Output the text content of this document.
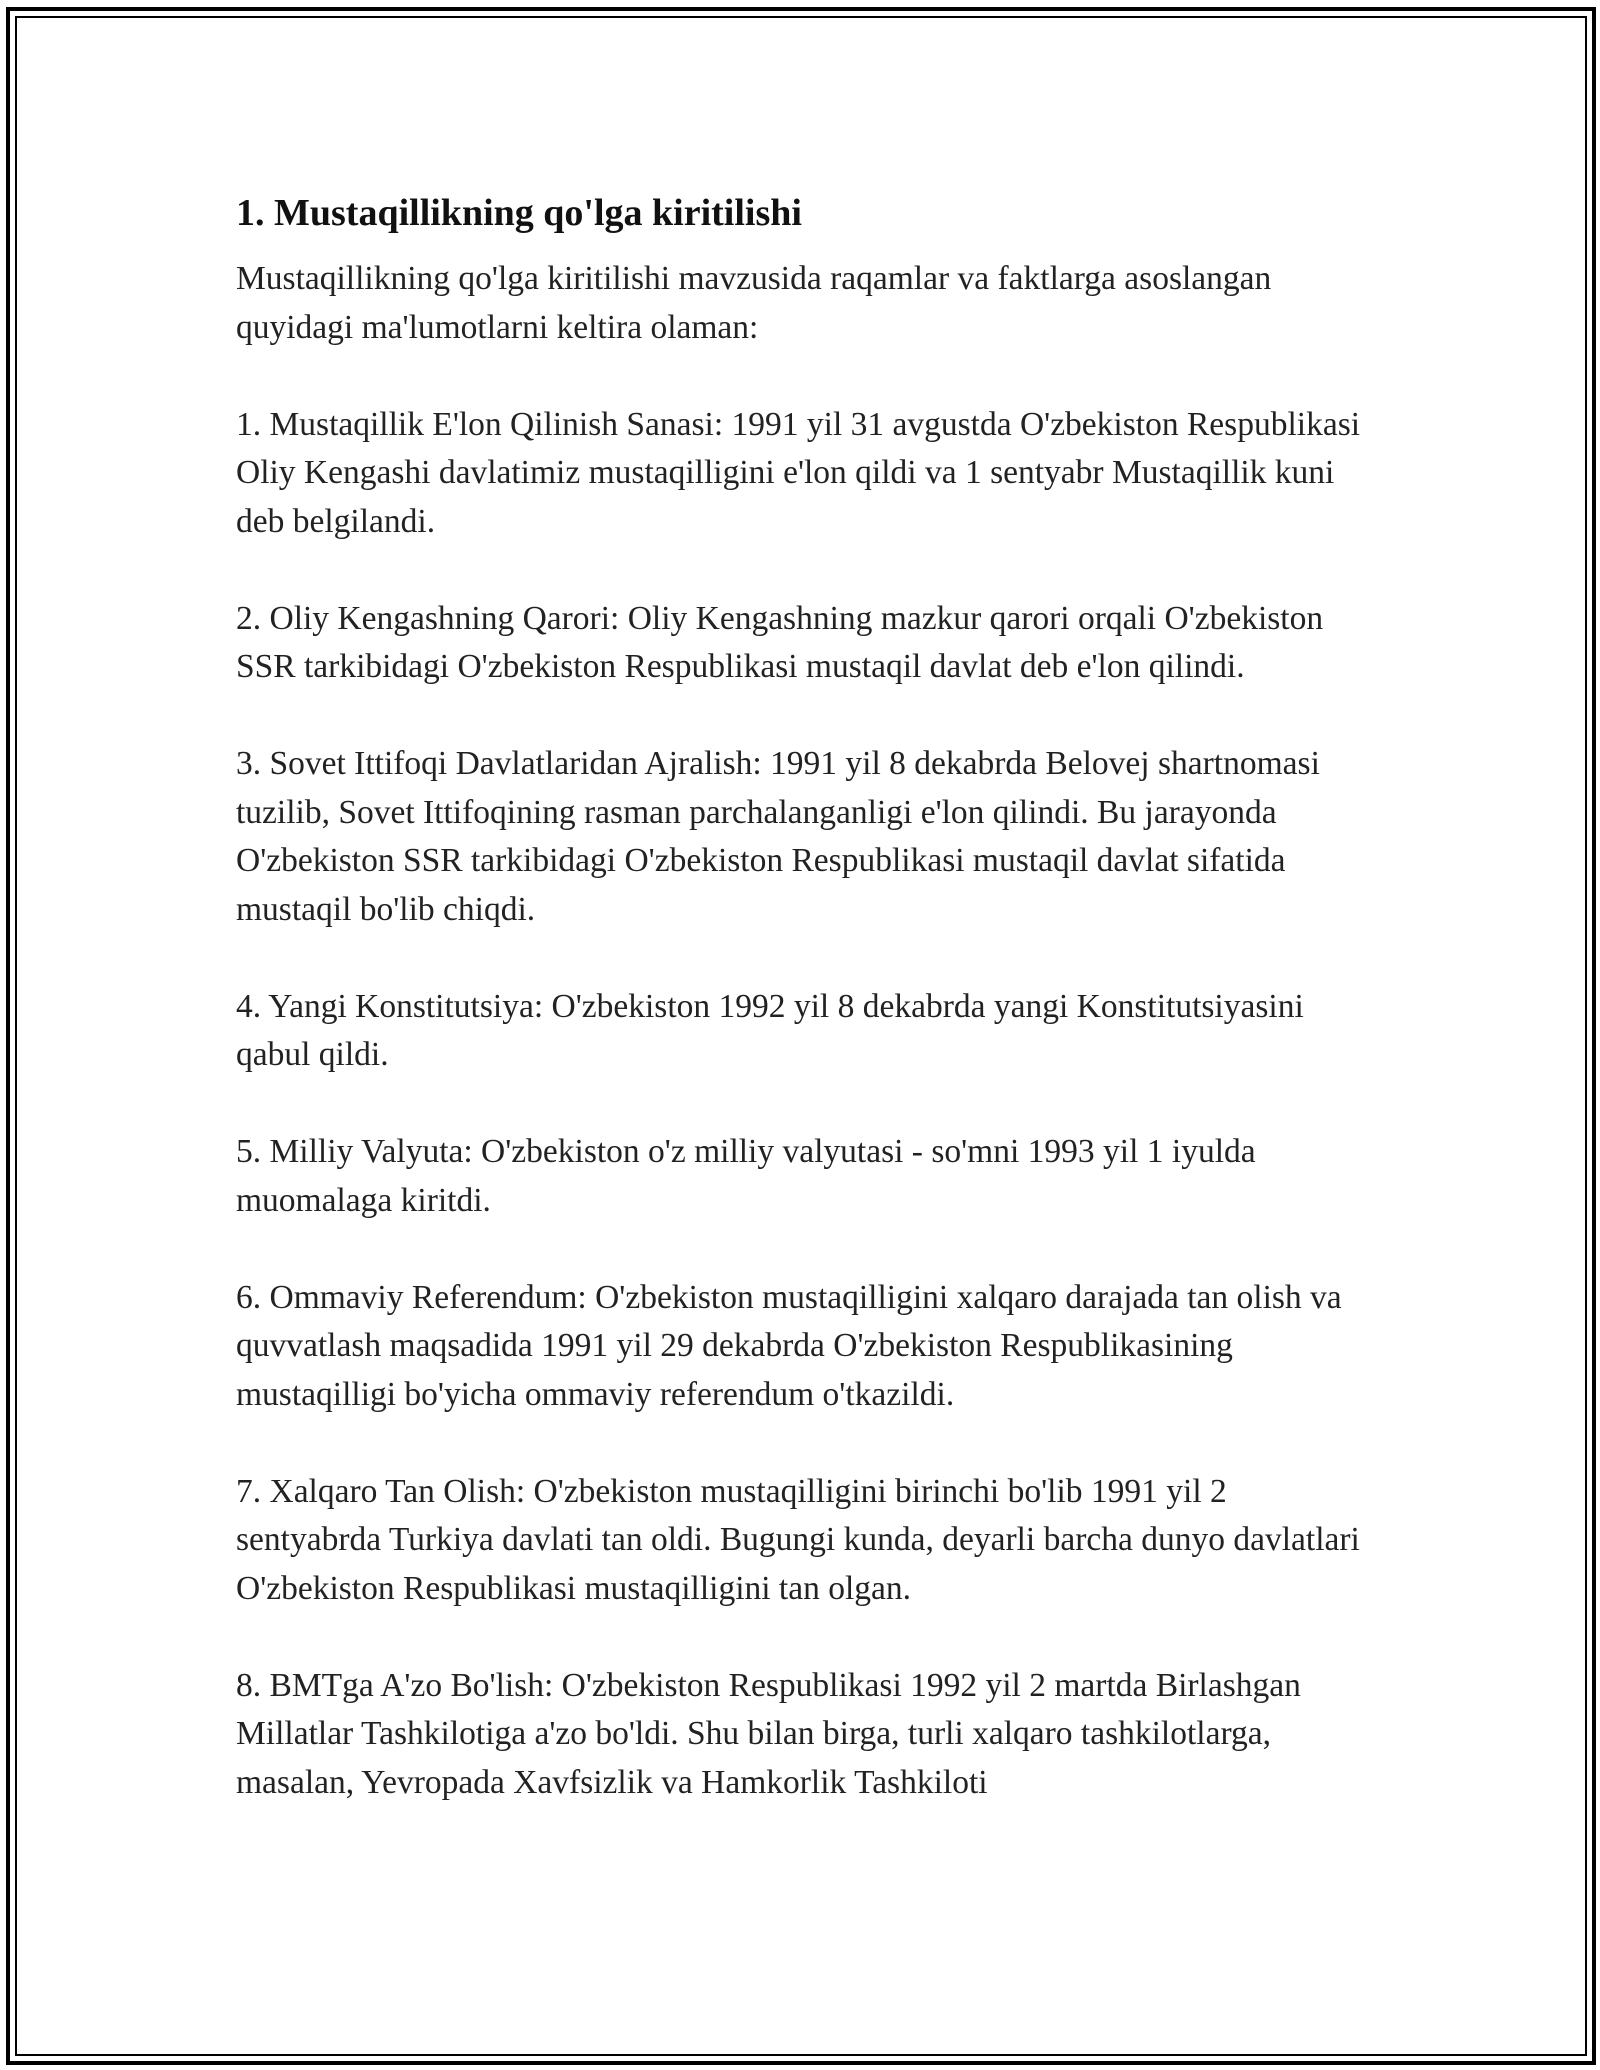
1. Mustaqillikning qo'lga kiritilishi

Mustaqillikning qo'lga kiritilishi mavzusida raqamlar va faktlarga asoslangan quyidagi ma'lumotlarni keltira olaman:

1. Mustaqillik E'lon Qilinish Sanasi: 1991 yil 31 avgustda O'zbekiston Respublikasi Oliy Kengashi davlatimiz mustaqilligini e'lon qildi va 1 sentyabr Mustaqillik kuni deb belgilandi.

2. Oliy Kengashning Qarori: Oliy Kengashning mazkur qarori orqali O'zbekiston SSR tarkibidagi O'zbekiston Respublikasi mustaqil davlat deb e'lon qilindi.

3. Sovet Ittifoqi Davlatlaridan Ajralish: 1991 yil 8 dekabrda Belovej shartnomasi tuzilib, Sovet Ittifoqining rasman parchalanganligi e'lon qilindi. Bu jarayonda O'zbekiston SSR tarkibidagi O'zbekiston Respublikasi mustaqil davlat sifatida mustaqil bo'lib chiqdi.

4. Yangi Konstitutsiya: O'zbekiston 1992 yil 8 dekabrda yangi Konstitutsiyasini qabul qildi.

5. Milliy Valyuta: O'zbekiston o'z milliy valyutasi - so'mni 1993 yil 1 iyulda muomalaga kiritdi.

6. Ommaviy Referendum: O'zbekiston mustaqilligini xalqaro darajada tan olish va quvvatlash maqsadida 1991 yil 29 dekabrda O'zbekiston Respublikasining mustaqilligi bo'yicha ommaviy referendum o'tkazildi.

7. Xalqaro Tan Olish: O'zbekiston mustaqilligini birinchi bo'lib 1991 yil 2 sentyabrda Turkiya davlati tan oldi. Bugungi kunda, deyarli barcha dunyo davlatlari O'zbekiston Respublikasi mustaqilligini tan olgan.

8. BMTga A'zo Bo'lish: O'zbekiston Respublikasi 1992 yil 2 martda Birlashgan Millatlar Tashkilotiga a'zo bo'ldi. Shu bilan birga, turli xalqaro tashkilotlarga, masalan, Yevropada Xavfsizlik va Hamkorlik Tashkiloti
